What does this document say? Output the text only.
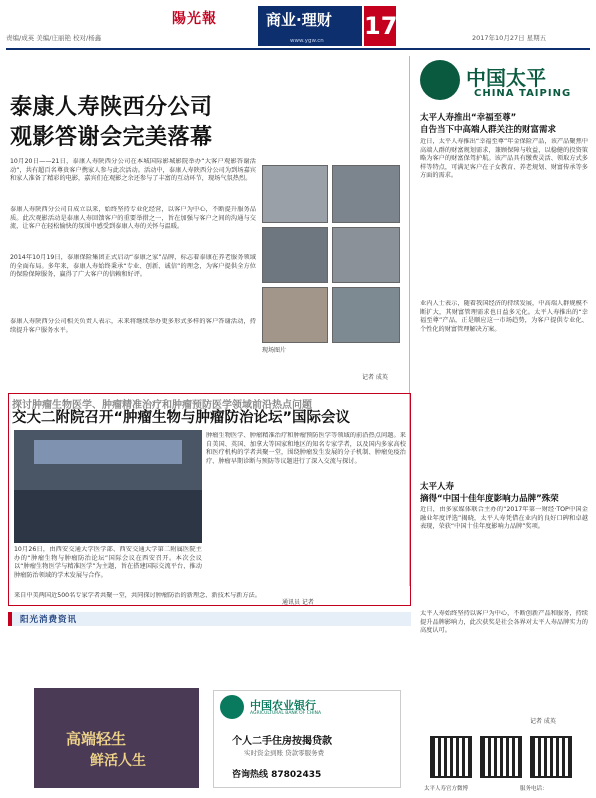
责编/成英 美编/庄丽艳 校对/杨鑫
陽光報	商业·理财
www.ygw.cn
17	2017年10月27日 星期五
泰康人寿陕西分公司
观影答谢会完美落幕
10月20日——21日，泰康人寿陕西分公司在本城国际影城影院举办“大客户观影答谢活动”，共有超百名尊贵客户携家人参与此次活动。活动中，泰康人寿陕西分公司为到场嘉宾和家人准备了精彩的电影，嘉宾们在观影之余还参与了丰富的互动环节，现场气氛热烈。
泰康人寿陕西分公司自成立以来，始终坚持专业化经营，以客户为中心，不断提升服务品质。此次观影活动是泰康人寿回馈客户的重要举措之一，旨在加强与客户之间的沟通与交流，让客户在轻松愉快的氛围中感受到泰康人寿的关怀与温暖。
2014年10月19日，泰康保险集团正式启动“泰康之家”品牌，标志着泰康在养老服务领域的全面布局。多年来，泰康人寿始终秉承“专业、创新、诚信”的理念，为客户提供全方位的保险保障服务，赢得了广大客户的信赖和好评。
泰康人寿陕西分公司相关负责人表示，未来将继续举办更多形式多样的客户答谢活动，持续提升客户服务水平。
现场图片
记者 成英
中国太平
CHINA TAIPING
太平人寿推出“幸福至尊”
自告当下中高端人群关注的财富需求
近日，太平人寿推出“幸福至尊”年金保险产品，该产品聚焦中高端人群的财富规划需求，兼顾保障与收益，以稳健的投资策略为客户的财富保驾护航。该产品具有缴费灵活、领取方式多样等特点，可满足客户在子女教育、养老规划、财富传承等多方面的需求。
业内人士表示，随着我国经济的持续发展，中高端人群规模不断扩大，其财富管理需求也日益多元化。太平人寿推出的“幸福至尊”产品，正是顺应这一市场趋势，为客户提供专业化、个性化的财富管理解决方案。
太平人寿
摘得“中国十佳年度影响力品牌”殊荣
近日，由多家媒体联合主办的“2017年第一财经·TOP中国金融业年度评选”揭晓，太平人寿凭借在业内的良好口碑和卓越表现，荣获“中国十佳年度影响力品牌”奖项。
太平人寿始终坚持以客户为中心，不断创新产品和服务，持续提升品牌影响力，此次获奖是社会各界对太平人寿品牌实力的高度认可。
记者 成英
太平人寿官方微博	服务电话：
探讨肿瘤生物医学、肿瘤精准治疗和肿瘤预防医学领域前沿热点问题
交大二附院召开“肿瘤生物与肿瘤防治论坛”国际会议
肿瘤生物医学、肿瘤精准治疗和肿瘤预防医学等领域的前沿热点问题。来自美国、英国、加拿大等国家和地区的知名专家学者，以及国内多家高校和医疗机构的学者共聚一堂，围绕肿瘤发生发展的分子机制、肿瘤免疫治疗、肿瘤早期诊断与预防等议题进行了深入交流与探讨。
10月26日，由西安交通大学医学部、西安交通大学第二附属医院主办的“肿瘤生物与肿瘤防治论坛”国际会议在西安召开。本次会议以“肿瘤生物医学与精准医学”为主题，旨在搭建国际交流平台，推动肿瘤防治领域的学术发展与合作。
来自中美两国近500名专家学者共聚一堂，共同探讨肿瘤防治的新理念、新技术与新方法。
通讯员 记者
阳光消费资讯
高端轻生
鲜活人生
中国农业银行
AGRICULTURAL BANK OF CHINA
个人二手住房按揭贷款
实时资金到账 贷款零服务费
咨询热线 87802435
